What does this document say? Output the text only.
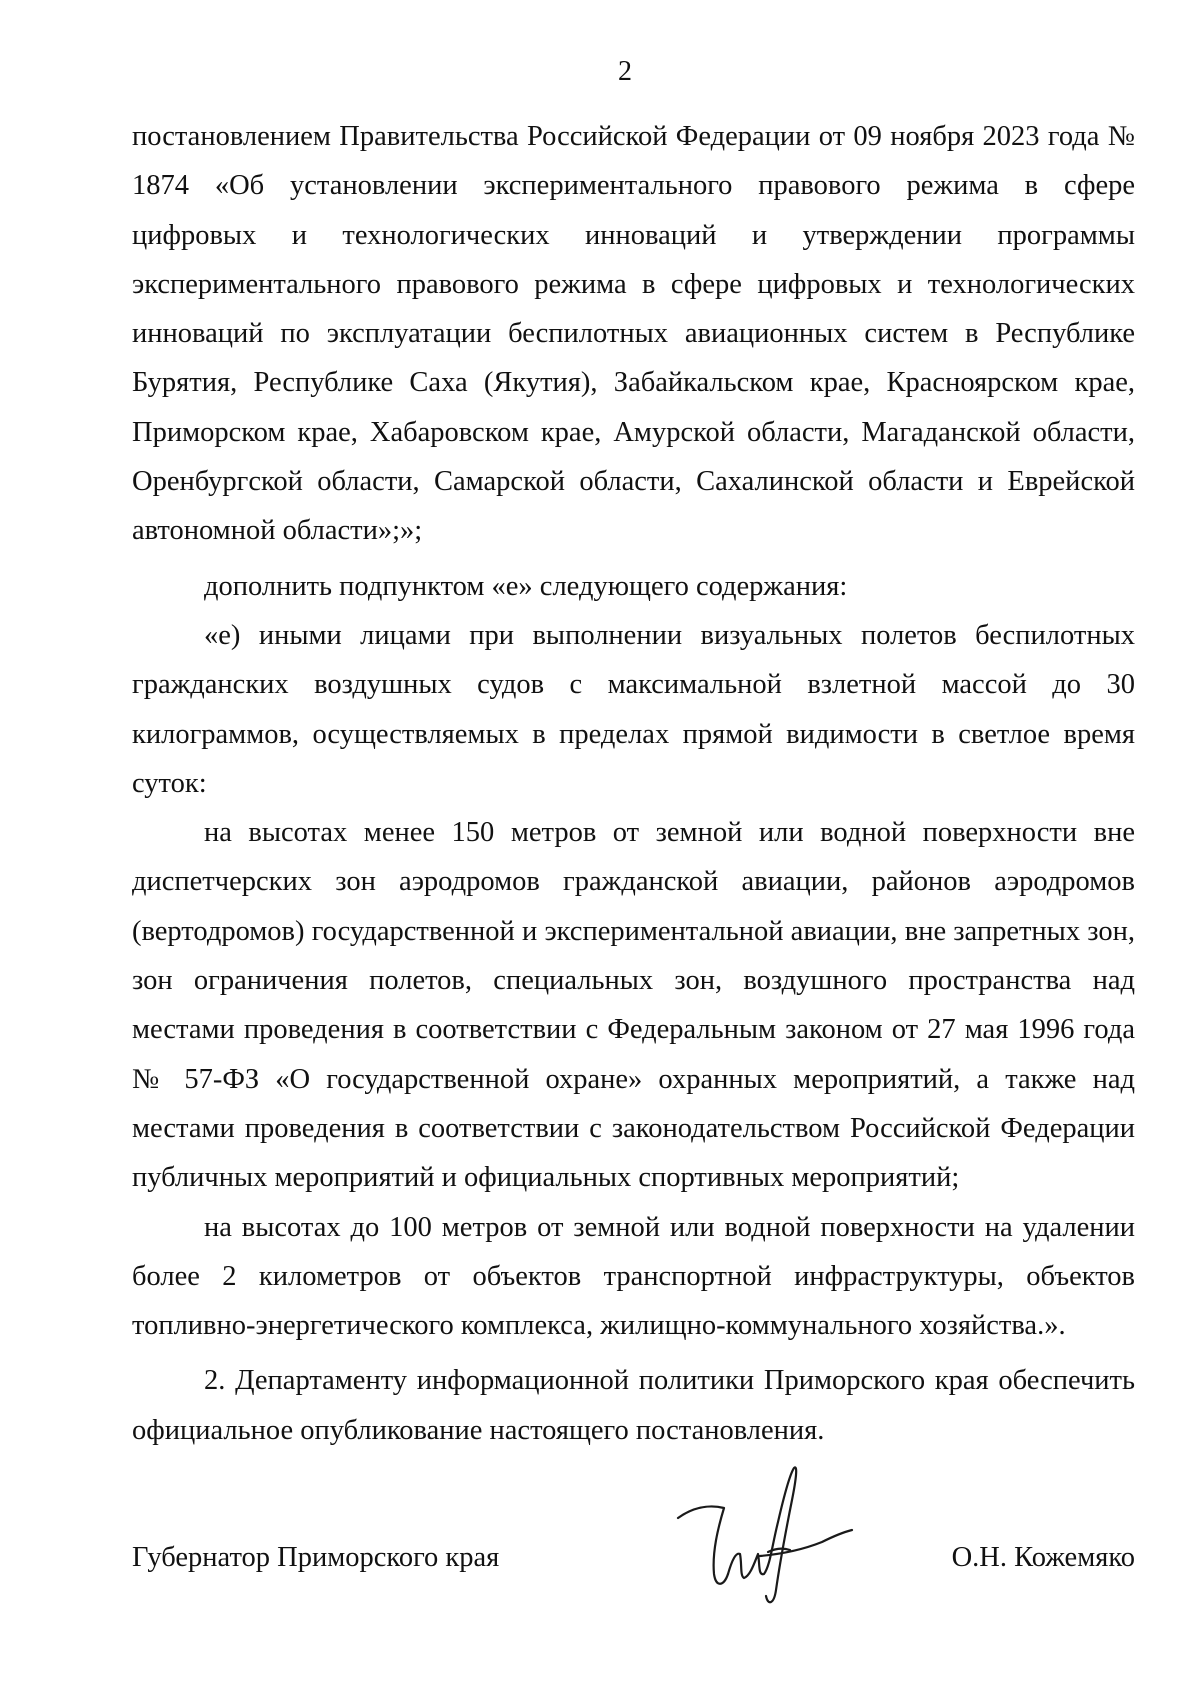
2

постановлением Правительства Российской Федерации от 09 ноября 2023 года № 1874 «Об установлении экспериментального правового режима в сфере цифровых и технологических инноваций и утверждении программы экспериментального правового режима в сфере цифровых и технологических инноваций по эксплуатации беспилотных авиационных систем в Республике Бурятия, Республике Саха (Якутия), Забайкальском крае, Красноярском крае, Приморском крае, Хабаровском крае, Амурской области, Магаданской области, Оренбургской области, Самарской области, Сахалинской области и Еврейской автономной области»;»;

дополнить подпунктом «е» следующего содержания:

«е) иными лицами при выполнении визуальных полетов беспилотных гражданских воздушных судов с максимальной взлетной массой до 30 килограммов, осуществляемых в пределах прямой видимости в светлое время суток:

на высотах менее 150 метров от земной или водной поверхности вне диспетчерских зон аэродромов гражданской авиации, районов аэродромов (вертодромов) государственной и экспериментальной авиации, вне запретных зон, зон ограничения полетов, специальных зон, воздушного пространства над местами проведения в соответствии с Федеральным законом от 27 мая 1996 года № 57-ФЗ «О государственной охране» охранных мероприятий, а также над местами проведения в соответствии с законодательством Российской Федерации публичных мероприятий и официальных спортивных мероприятий;

на высотах до 100 метров от земной или водной поверхности на удалении более 2 километров от объектов транспортной инфраструктуры, объектов топливно-энергетического комплекса, жилищно-коммунального хозяйства.».

2. Департаменту информационной политики Приморского края обеспечить официальное опубликование настоящего постановления.

Губернатор Приморского края	О.Н. Кожемяко
